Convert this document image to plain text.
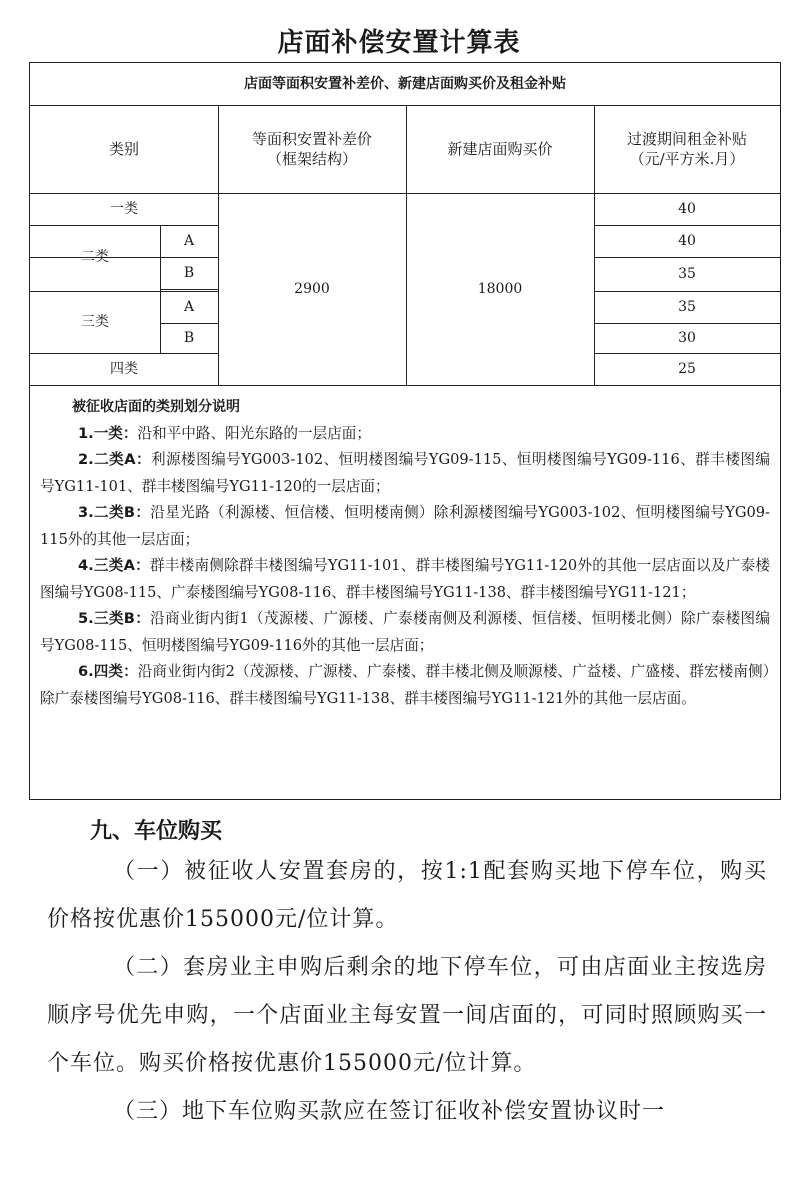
店面补偿安置计算表
店面等面积安置补差价、新建店面购买价及租金补贴
类别
等面积安置补差价
（框架结构）
新建店面购买价
过渡期间租金补贴
（元/平方米.月）
一类
二类
A
B
三类
A
B
四类
2900	18000
40
40
35
35
30
25

被征收店面的类别划分说明

1.一类：沿和平中路、阳光东路的一层店面；

2.二类A：利源楼图编号YG003-102、恒明楼图编号YG09-115、恒明楼图编号YG09-116、群丰楼图编号YG11-101、群丰楼图编号YG11-120的一层店面；

3.二类B：沿星光路（利源楼、恒信楼、恒明楼南侧）除利源楼图编号YG003-102、恒明楼图编号YG09-115外的其他一层店面；

4.三类A：群丰楼南侧除群丰楼图编号YG11-101、群丰楼图编号YG11-120外的其他一层店面以及广泰楼图编号YG08-115、广泰楼图编号YG08-116、群丰楼图编号YG11-138、群丰楼图编号YG11-121；

5.三类B：沿商业街内街1（茂源楼、广源楼、广泰楼南侧及利源楼、恒信楼、恒明楼北侧）除广泰楼图编号YG08-115、恒明楼图编号YG09-116外的其他一层店面；

6.四类：沿商业街内街2（茂源楼、广源楼、广泰楼、群丰楼北侧及顺源楼、广益楼、广盛楼、群宏楼南侧）除广泰楼图编号YG08-116、群丰楼图编号YG11-138、群丰楼图编号YG11-121外的其他一层店面。

九、车位购买

（一）被征收人安置套房的，按1:1配套购买地下停车位，购买价格按优惠价155000元/位计算。

（二）套房业主申购后剩余的地下停车位，可由店面业主按选房顺序号优先申购，一个店面业主每安置一间店面的，可同时照顾购买一个车位。购买价格按优惠价155000元/位计算。

（三）地下车位购买款应在签订征收补偿安置协议时一
